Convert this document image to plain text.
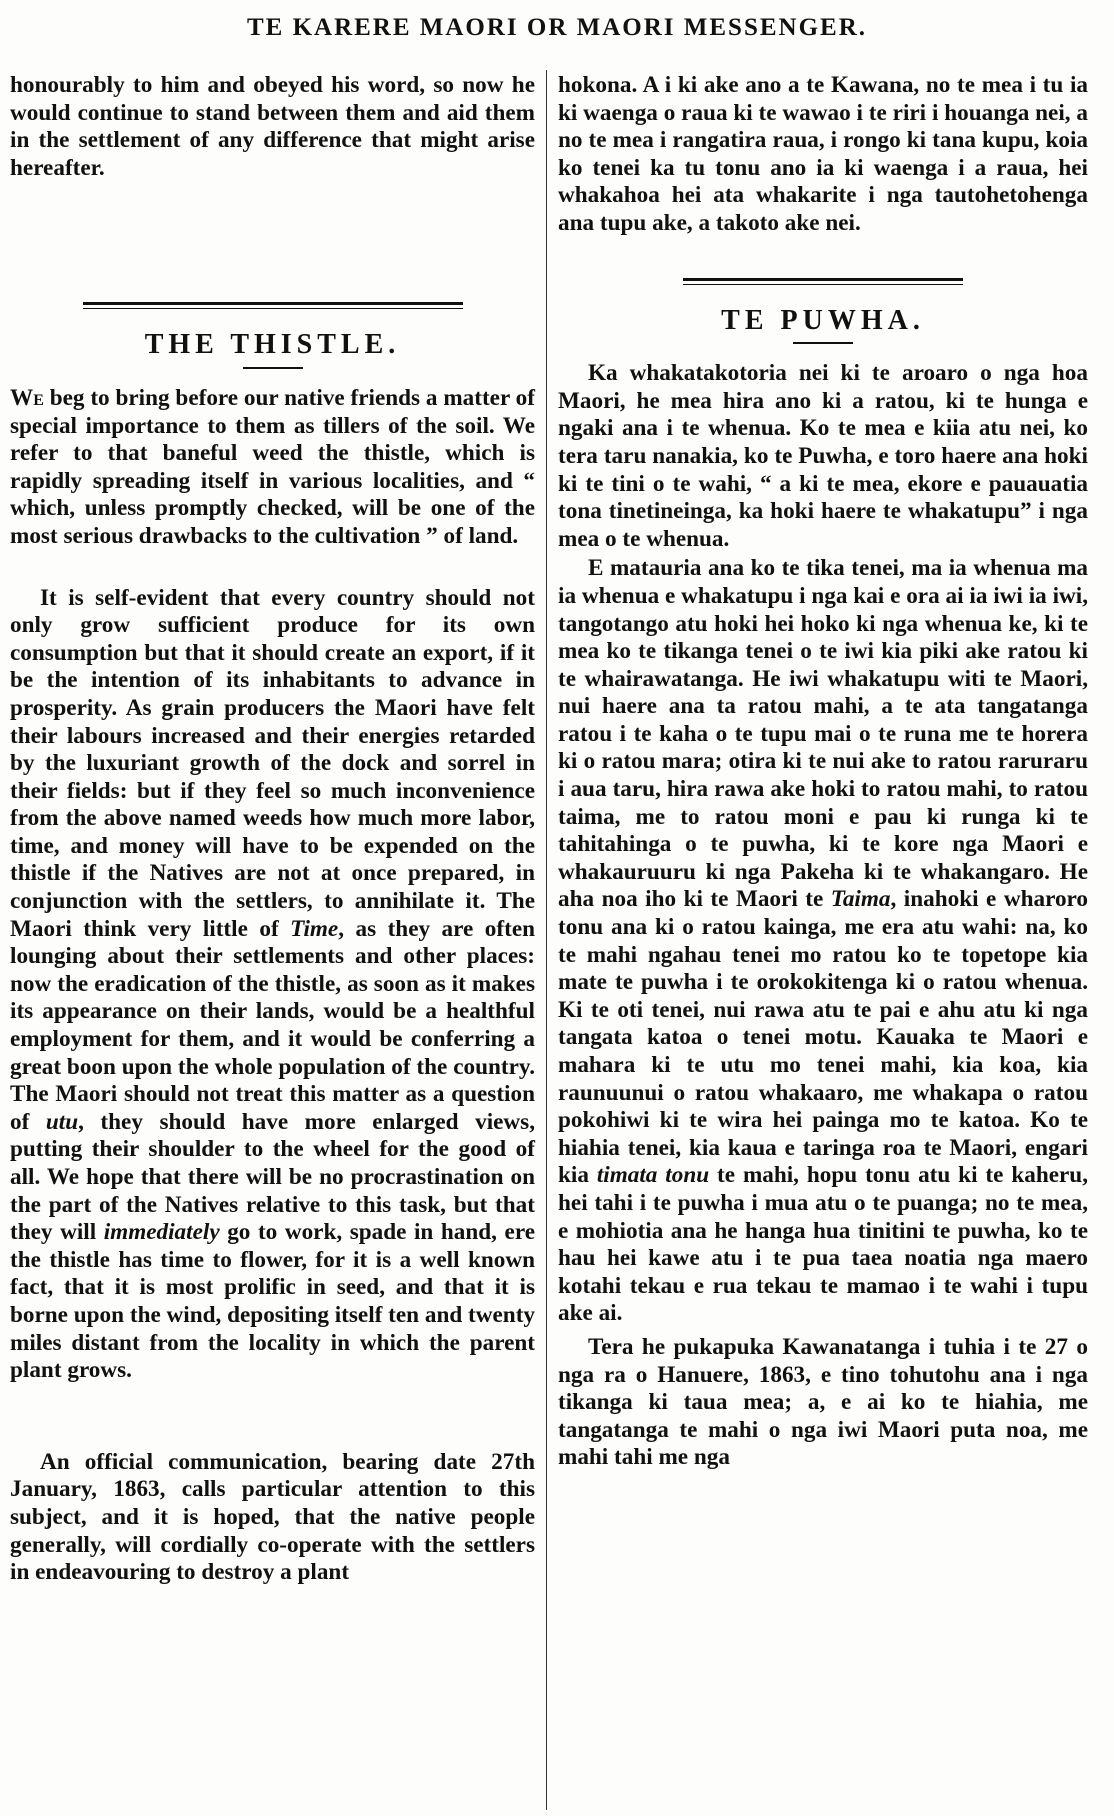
TE KARERE MAORI OR MAORI MESSENGER.

honourably to him and obeyed his word, so now he would continue to stand between them and aid them in the settlement of any difference that might arise hereafter.

THE THISTLE.

We beg to bring before our native friends a matter of special importance to them as tillers of the soil. We refer to that baneful weed the thistle, which is rapidly spreading itself in various localities, and “ which, unless promptly checked, will be one of the most serious drawbacks to the cultivation ” of land.

It is self-evident that every country should not only grow sufficient produce for its own consumption but that it should create an export, if it be the intention of its inhabitants to advance in prosperity. As grain producers the Maori have felt their labours increased and their energies retarded by the luxuriant growth of the dock and sorrel in their fields: but if they feel so much inconvenience from the above named weeds how much more labor, time, and money will have to be expended on the thistle if the Natives are not at once prepared, in conjunction with the settlers, to annihilate it. The Maori think very little of Time, as they are often lounging about their settlements and other places: now the eradication of the thistle, as soon as it makes its appearance on their lands, would be a healthful employment for them, and it would be conferring a great boon upon the whole population of the country. The Maori should not treat this matter as a question of utu, they should have more enlarged views, putting their shoulder to the wheel for the good of all. We hope that there will be no procrastination on the part of the Natives relative to this task, but that they will immediately go to work, spade in hand, ere the thistle has time to flower, for it is a well known fact, that it is most prolific in seed, and that it is borne upon the wind, depositing itself ten and twenty miles distant from the locality in which the parent plant grows.

An official communication, bearing date 27th January, 1863, calls particular attention to this subject, and it is hoped, that the native people generally, will cordially co-operate with the settlers in endeavouring to destroy a plant

hokona. A i ki ake ano a te Kawana, no te mea i tu ia ki waenga o raua ki te wawao i te riri i houanga nei, a no te mea i rangatira raua, i rongo ki tana kupu, koia ko tenei ka tu tonu ano ia ki waenga i a raua, hei whakahoa hei ata whakarite i nga tautohetohenga ana tupu ake, a takoto ake nei.

TE PUWHA.

Ka whakatakotoria nei ki te aroaro o nga hoa Maori, he mea hira ano ki a ratou, ki te hunga e ngaki ana i te whenua. Ko te mea e kiia atu nei, ko tera taru nanakia, ko te Puwha, e toro haere ana hoki ki te tini o te wahi, “ a ki te mea, ekore e pauauatia tona tinetineinga, ka hoki haere te whakatupu” i nga mea o te whenua.

E matauria ana ko te tika tenei, ma ia whenua ma ia whenua e whakatupu i nga kai e ora ai ia iwi ia iwi, tangotango atu hoki hei hoko ki nga whenua ke, ki te mea ko te tikanga tenei o te iwi kia piki ake ratou ki te whairawatanga. He iwi whakatupu witi te Maori, nui haere ana ta ratou mahi, a te ata tangatanga ratou i te kaha o te tupu mai o te runa me te horera ki o ratou mara; otira ki te nui ake to ratou raruraru i aua taru, hira rawa ake hoki to ratou mahi, to ratou taima, me to ratou moni e pau ki runga ki te tahitahinga o te puwha, ki te kore nga Maori e whakauruuru ki nga Pakeha ki te whakangaro. He aha noa iho ki te Maori te Taima, inahoki e wharoro tonu ana ki o ratou kainga, me era atu wahi: na, ko te mahi ngahau tenei mo ratou ko te topetope kia mate te puwha i te orokokitenga ki o ratou whenua. Ki te oti tenei, nui rawa atu te pai e ahu atu ki nga tangata katoa o tenei motu. Kauaka te Maori e mahara ki te utu mo tenei mahi, kia koa, kia raunuunui o ratou whakaaro, me whakapa o ratou pokohiwi ki te wira hei painga mo te katoa. Ko te hiahia tenei, kia kaua e taringa roa te Maori, engari kia timata tonu te mahi, hopu tonu atu ki te kaheru, hei tahi i te puwha i mua atu o te puanga; no te mea, e mohiotia ana he hanga hua tinitini te puwha, ko te hau hei kawe atu i te pua taea noatia nga maero kotahi tekau e rua tekau te mamao i te wahi i tupu ake ai.

Tera he pukapuka Kawanatanga i tuhia i te 27 o nga ra o Hanuere, 1863, e tino tohutohu ana i nga tikanga ki taua mea; a, e ai ko te hiahia, me tangatanga te mahi o nga iwi Maori puta noa, me mahi tahi me nga
